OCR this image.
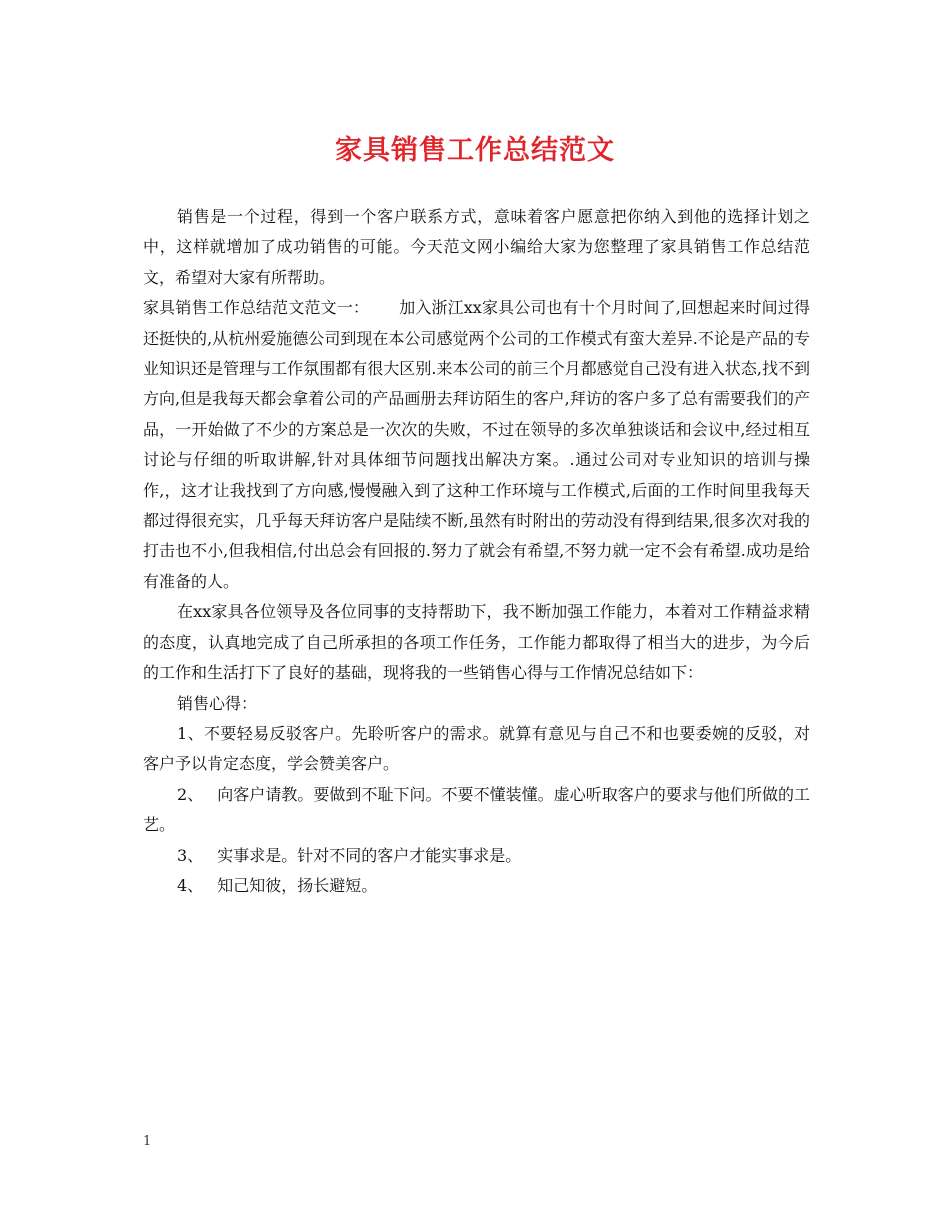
家具销售工作总结范文

销售是一个过程，得到一个客户联系方式，意味着客户愿意把你纳入到他的选择计划之中，这样就增加了成功销售的可能。今天范文网小编给大家为您整理了家具销售工作总结范文，希望对大家有所帮助。

家具销售工作总结范文范文一： 加入浙江xx家具公司也有十个月时间了,回想起来时间过得还挺快的,从杭州爱施德公司到现在本公司感觉两个公司的工作模式有蛮大差异.不论是产品的专业知识还是管理与工作氛围都有很大区别.来本公司的前三个月都感觉自己没有进入状态,找不到方向,但是我每天都会拿着公司的产品画册去拜访陌生的客户,拜访的客户多了总有需要我们的产品，一开始做了不少的方案总是一次次的失败，不过在领导的多次单独谈话和会议中,经过相互讨论与仔细的听取讲解,针对具体细节问题找出解决方案。.通过公司对专业知识的培训与操作,，这才让我找到了方向感,慢慢融入到了这种工作环境与工作模式,后面的工作时间里我每天都过得很充实，几乎每天拜访客户是陆续不断,虽然有时附出的劳动没有得到结果,很多次对我的打击也不小,但我相信,付出总会有回报的.努力了就会有希望,不努力就一定不会有希望.成功是给有准备的人。

在xx家具各位领导及各位同事的支持帮助下，我不断加强工作能力，本着对工作精益求精的态度，认真地完成了自己所承担的各项工作任务，工作能力都取得了相当大的进步，为今后的工作和生活打下了良好的基础，现将我的一些销售心得与工作情况总结如下：

销售心得：

1、不要轻易反驳客户。先聆听客户的需求。就算有意见与自己不和也要委婉的反驳，对客户予以肯定态度，学会赞美客户。

2、 向客户请教。要做到不耻下问。不要不懂装懂。虚心听取客户的要求与他们所做的工艺。

3、 实事求是。针对不同的客户才能实事求是。

4、 知己知彼，扬长避短。

1
